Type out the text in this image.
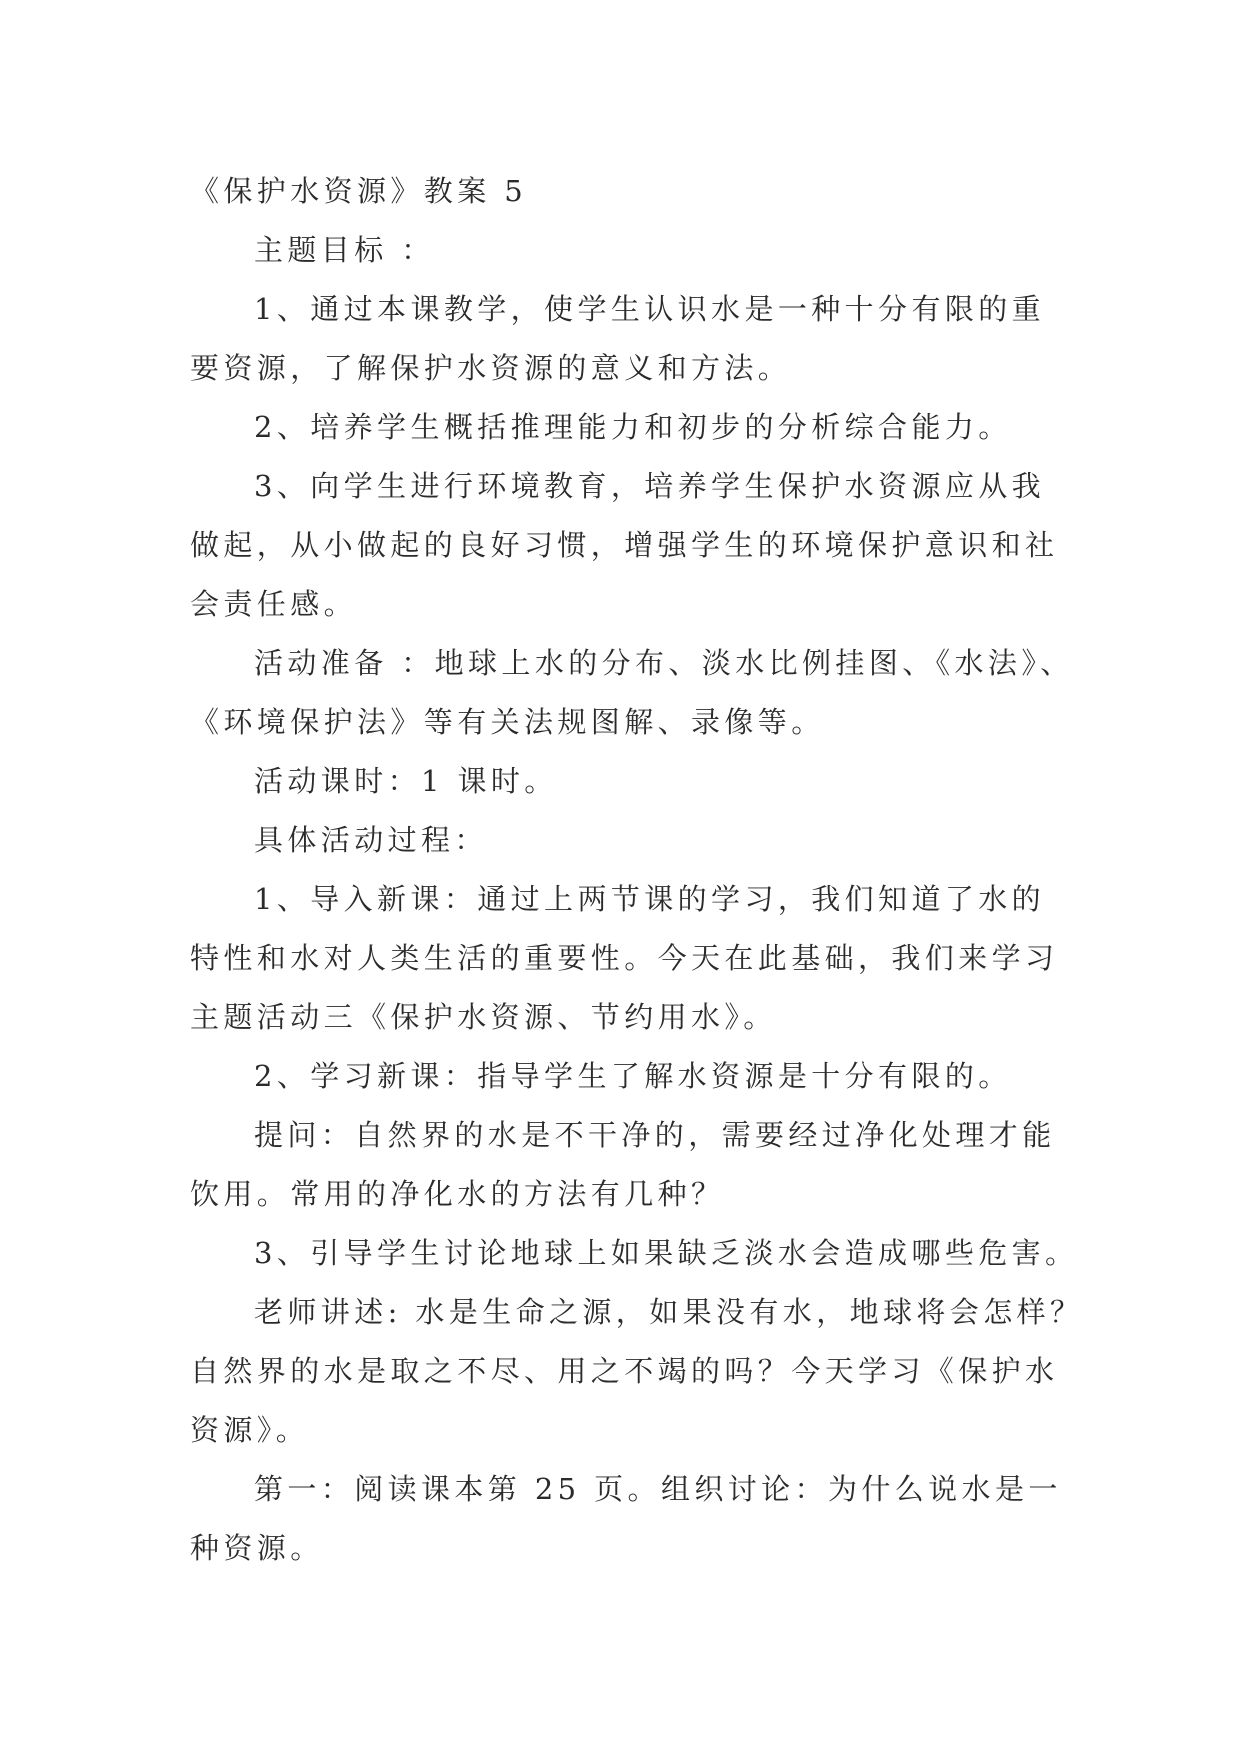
《保护水资源》教案 5

主题目标 ：

1、通过本课教学，使学生认识水是一种十分有限的重

要资源，了解保护水资源的意义和方法。

2、培养学生概括推理能力和初步的分析综合能力。

3、向学生进行环境教育，培养学生保护水资源应从我

做起，从小做起的良好习惯，增强学生的环境保护意识和社

会责任感。

活动准备 ：地球上水的分布、淡水比例挂图、《水法》、

《环境保护法》等有关法规图解、录像等。

活动课时：1 课时。

具体活动过程：

1、导入新课：通过上两节课的学习，我们知道了水的

特性和水对人类生活的重要性。今天在此基础，我们来学习

主题活动三《保护水资源、节约用水》。

2、学习新课：指导学生了解水资源是十分有限的。

提问：自然界的水是不干净的，需要经过净化处理才能

饮用。常用的净化水的方法有几种？

3、引导学生讨论地球上如果缺乏淡水会造成哪些危害。

老师讲述: 水是生命之源，如果没有水，地球将会怎样？

自然界的水是取之不尽、用之不竭的吗？今天学习《保护水

资源》。

第一：阅读课本第 25 页。组织讨论：为什么说水是一

种资源。
